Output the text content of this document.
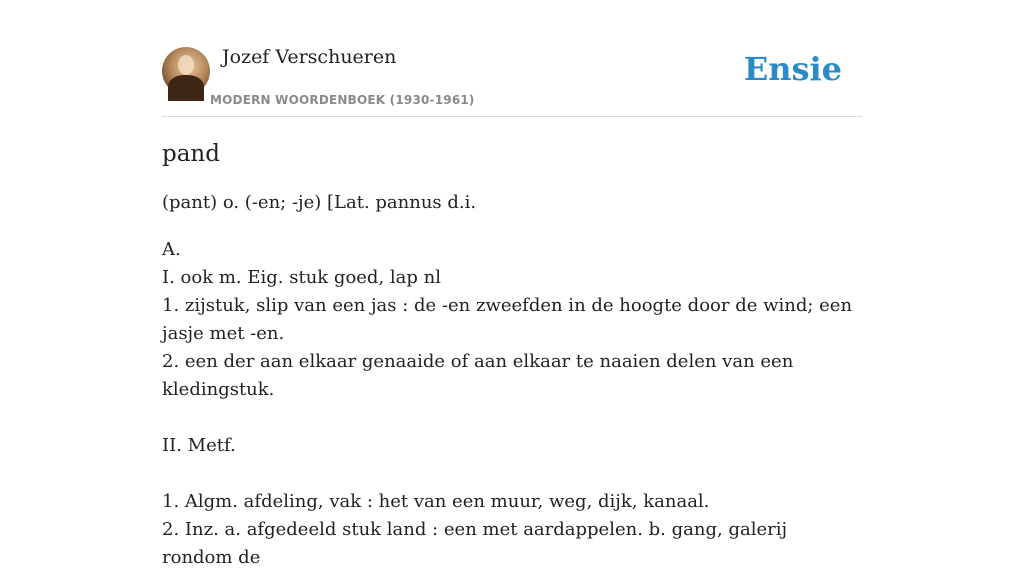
Jozef Verschueren
MODERN WOORDENBOEK (1930-1961)
Ensie
pand
(pant) o. (-en; -je) [Lat. pannus d.i.
A.
I. ook m. Eig. stuk goed, lap nl
1. zijstuk, slip van een jas : de -en zweefden in de hoogte door de wind; een jasje met -en.
2. een der aan elkaar genaaide of aan elkaar te naaien delen van een kledingstuk.
II. Metf.
1. Algm. afdeling, vak : het van een muur, weg, dijk, kanaal.
2. Inz. a. afgedeeld stuk land : een met aardappelen. b. gang, galerij rondom de
